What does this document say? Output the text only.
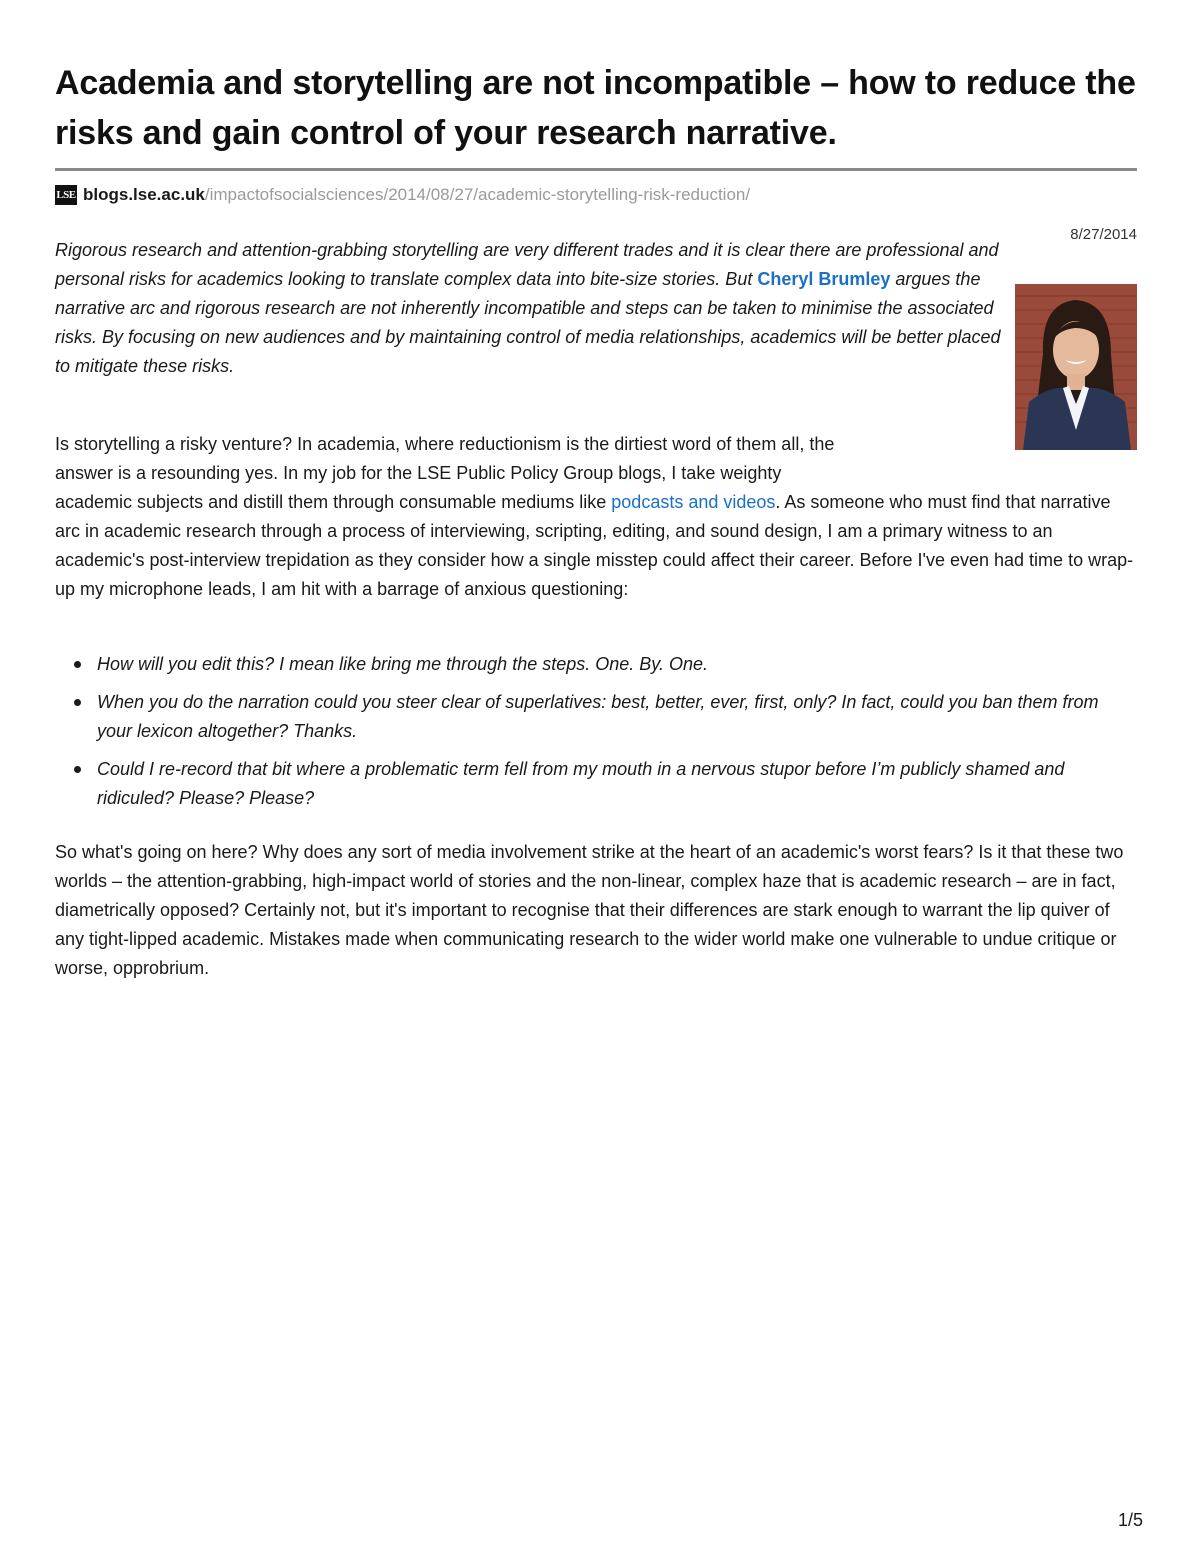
Academia and storytelling are not incompatible – how to reduce the risks and gain control of your research narrative.
LSE blogs.lse.ac.uk /impactofsocialsciences/2014/08/27/academic-storytelling-risk-reduction/
8/27/2014

Rigorous research and attention-grabbing storytelling are very different trades and it is clear there are professional and personal risks for academics looking to translate complex data into bite-size stories. But Cheryl Brumley argues the narrative arc and rigorous research are not inherently incompatible and steps can be taken to minimise the associated risks. By focusing on new audiences and by maintaining control of media relationships, academics will be better placed to mitigate these risks.

Is storytelling a risky venture? In academia, where reductionism is the dirtiest word of them all, the
answer is a resounding yes. In my job for the LSE Public Policy Group blogs, I take weighty
academic subjects and distill them through consumable mediums like podcasts and videos. As someone who must find that narrative arc in academic research through a process of interviewing, scripting, editing, and sound design, I am a primary witness to an academic's post-interview trepidation as they consider how a single misstep could affect their career. Before I've even had time to wrap-up my microphone leads, I am hit with a barrage of anxious questioning:

How will you edit this? I mean like bring me through the steps. One. By. One.
When you do the narration could you steer clear of superlatives: best, better, ever, first, only? In fact, could you ban them from your lexicon altogether? Thanks.
Could I re-record that bit where a problematic term fell from my mouth in a nervous stupor before I’m publicly shamed and ridiculed? Please? Please?

So what's going on here? Why does any sort of media involvement strike at the heart of an academic's worst fears? Is it that these two worlds – the attention-grabbing, high-impact world of stories and the non-linear, complex haze that is academic research – are in fact, diametrically opposed? Certainly not, but it's important to recognise that their differences are stark enough to warrant the lip quiver of any tight-lipped academic. Mistakes made when communicating research to the wider world make one vulnerable to undue critique or worse, opprobrium.

1/5
